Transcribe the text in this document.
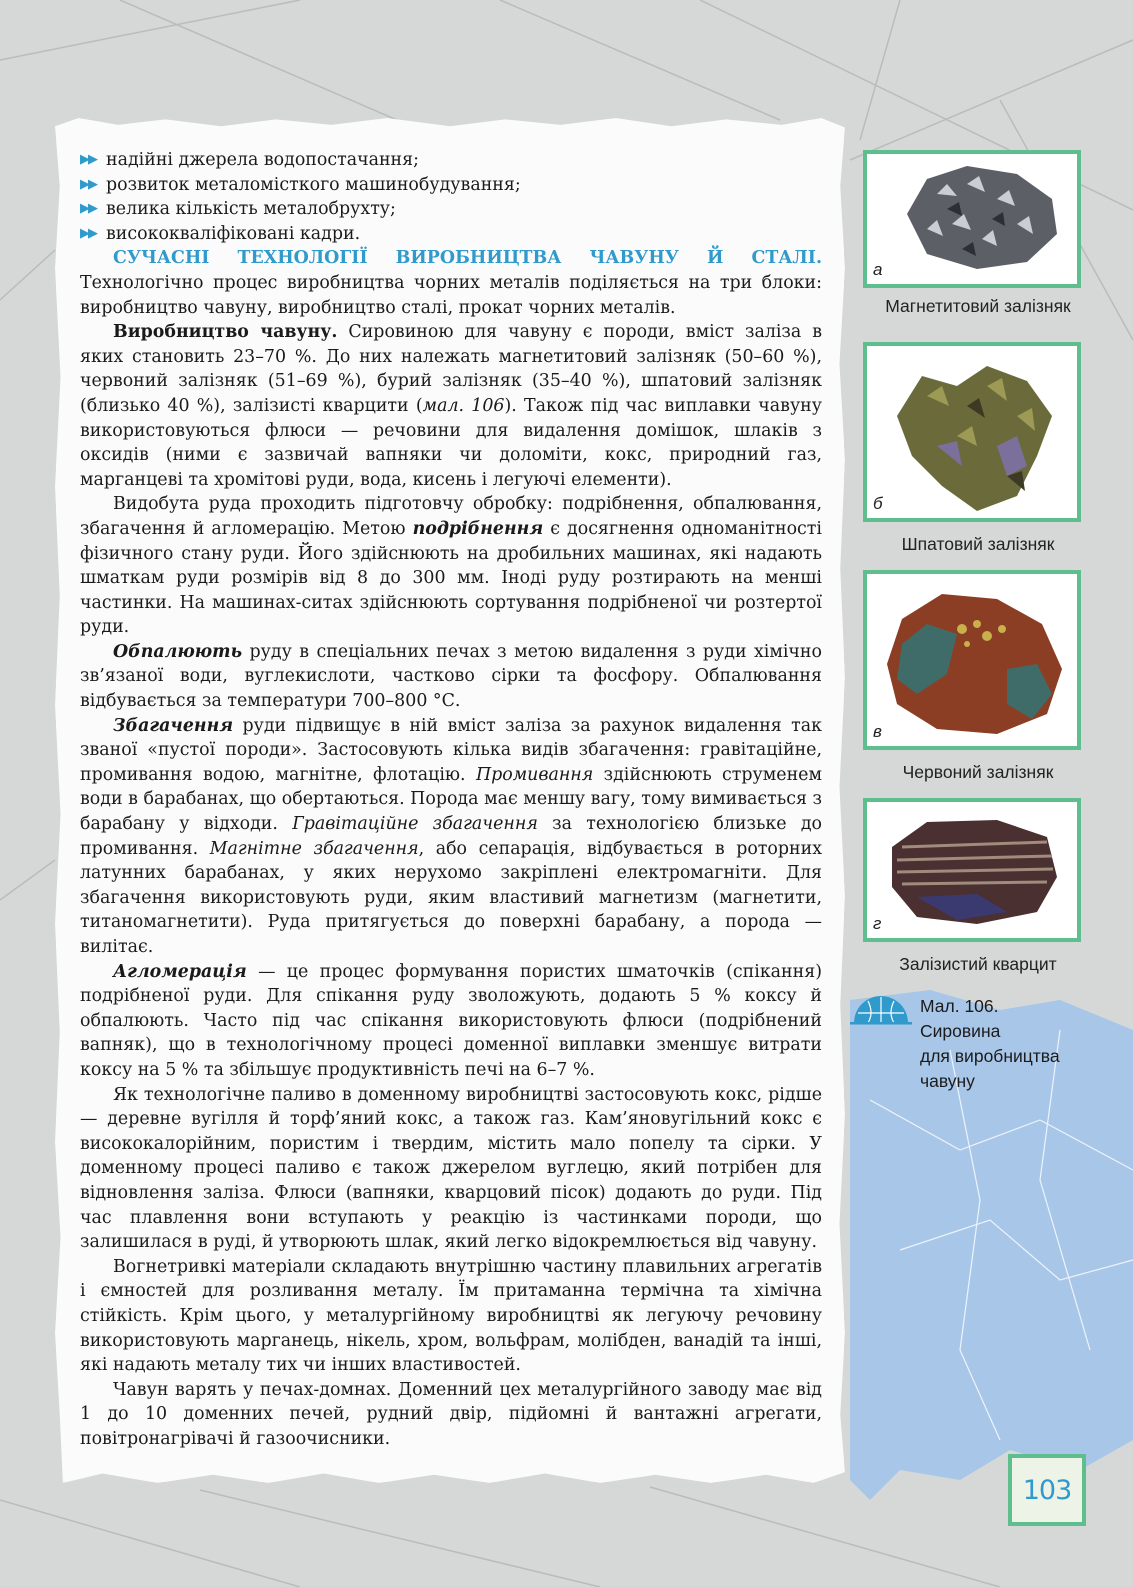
▶▶ надійні джерела водопостачання;
▶▶ розвиток металомісткого машинобудування;
▶▶ велика кількість металобрухту;
▶▶ висококваліфіковані кадри.

СУЧАСНІ ТЕХНОЛОГІЇ ВИРОБНИЦТВА ЧАВУНУ Й СТАЛІ. Технологічно процес виробництва чорних металів поділяється на три блоки: виробництво чавуну, виробництво сталі, прокат чорних металів.

Виробництво чавуну. Сировиною для чавуну є породи, вміст заліза в яких становить 23–70 %. До них належать магнетитовий залізняк (50–60 %), червоний залізняк (51–69 %), бурий залізняк (35–40 %), шпатовий залізняк (близько 40 %), залізисті кварцити (мал. 106). Також під час виплавки чавуну використовуються флюси — речовини для видалення домішок, шлаків з оксидів (ними є зазвичай вапняки чи доломіти, кокс, природний газ, марганцеві та хромітові руди, вода, кисень і легуючі елементи).

Видобута руда проходить підготовчу обробку: подрібнення, обпалювання, збагачення й агломерацію. Метою подрібнення є досягнення одноманітності фізичного стану руди. Його здійснюють на дробильних машинах, які надають шматкам руди розмірів від 8 до 300 мм. Іноді руду розтирають на менші частинки. На машинах-ситах здійснюють сортування подрібненої чи розтертої руди.

Обпалюють руду в спеціальних печах з метою видалення з руди хімічно зв’язаної води, вуглекислоти, частково сірки та фосфору. Обпалювання відбувається за температури 700–800 °С.

Збагачення руди підвищує в ній вміст заліза за рахунок видалення так званої «пустої породи». Застосовують кілька видів збагачення: гравітаційне, промивання водою, магнітне, флотацію. Промивання здійснюють струменем води в барабанах, що обертаються. Порода має меншу вагу, тому вимивається з барабану у відходи. Гравітаційне збагачення за технологією близьке до промивання. Магнітне збагачення, або сепарація, відбувається в роторних латунних барабанах, у яких нерухомо закріплені електромагніти. Для збагачення використовують руди, яким властивий магнетизм (магнетити, титаномагнетити). Руда притягується до поверхні барабану, а порода — вилітає.

Агломерація — це процес формування пористих шматочків (спікання) подрібненої руди. Для спікання руду зволожують, додають 5 % коксу й обпалюють. Часто під час спікання використовують флюси (подрібнений вапняк), що в технологічному процесі доменної виплавки зменшує витрати коксу на 5 % та збільшує продуктивність печі на 6–7 %.

Як технологічне паливо в доменному виробництві застосовують кокс, рідше — деревне вугілля й торф’яний кокс, а також газ. Кам’яновугільний кокс є висококалорійним, пористим і твердим, містить мало попелу та сірки. У доменному процесі паливо є також джерелом вуглецю, який потрібен для відновлення заліза. Флюси (вапняки, кварцовий пісок) додають до руди. Під час плавлення вони вступають у реакцію із частинками породи, що залишилася в руді, й утворюють шлак, який легко відокремлюється від чавуну.

Вогнетривкі матеріали складають внутрішню частину плавильних агрегатів і ємностей для розливання металу. Їм притаманна термічна та хімічна стійкість. Крім цього, у металургійному виробництві як легуючу речовину використовують марганець, нікель, хром, вольфрам, молібден, ванадій та інші, які надають металу тих чи інших властивостей.

Чавун варять у печах-домнах. Доменний цех металургійного заводу має від 1 до 10 доменних печей, рудний двір, підйомні й вантажні агрегати, повітронагрівачі й газоочисники.

а
Магнетитовий залізняк
б
Шпатовий залізняк
в
Червоний залізняк
г
Залізистий кварцит
Мал. 106.
Сировина
для виробництва
чавуну
103
